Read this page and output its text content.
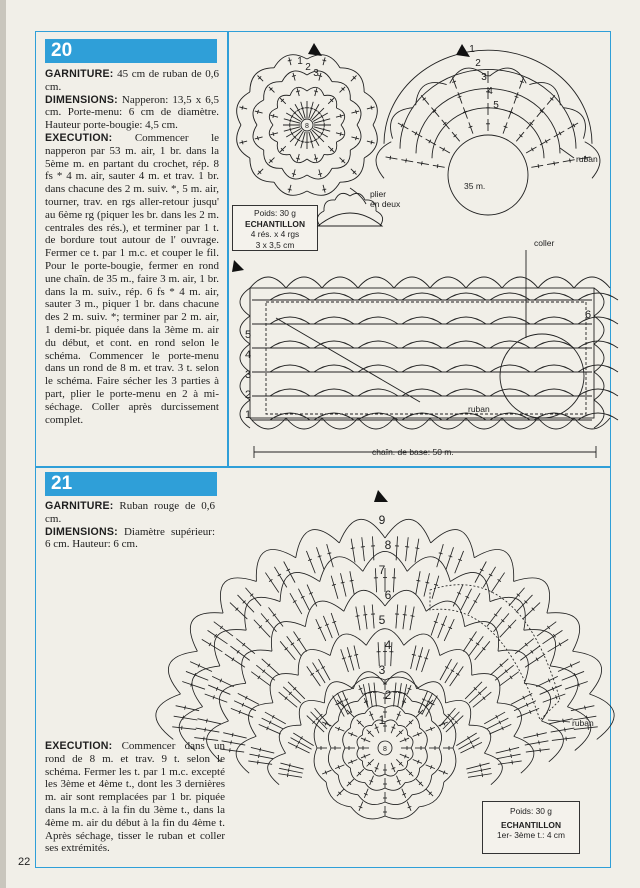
20

GARNITURE: 45 cm de ruban de 0,6 cm.

DIMENSIONS: Napperon: 13,5 x 6,5 cm. Porte-menu: 6 cm de diamètre. Hauteur porte-bougie: 4,5 cm.

EXECUTION: Commencer le napperon par 53 m. air, 1 br. dans la 5ème m. en partant du crochet, rép. 8 fs * 4 m. air, sauter 4 m. et trav. 1 br. dans chacune des 2 m. suiv. *, 5 m. air, tourner, trav. en rgs aller-retour jusqu' au 6ème rg (piquer les br. dans les 2 m. centrales des rés.), et terminer par 1 t. de bordure tout autour de l' ouvrage. Fermer ce t. par 1 m.c. et couper le fil. Pour le porte-bougie, fermer en rond une chaîn. de 35 m., faire 3 m. air, 1 br. dans la m. suiv., rép. 6 fs * 4 m. air, sauter 3 m., piquer 1 br. dans chacune des 2 m. suiv. *; terminer par 2 m. air, 1 demi-br. piquée dans la 3ème m. air du début, et cont. en rond selon le schéma. Commencer le porte-menu dans un rond de 8 m. et trav. 3 t. selon le schéma. Faire sécher les 3 parties à part, plier le porte-menu en 2 à mi-séchage. Coller après durcissement complet.

21

GARNITURE: Ruban rouge de 0,6 cm.

DIMENSIONS: Diamètre supérieur: 6 cm. Hauteur: 6 cm.

EXECUTION: Commencer dans un rond de 8 m. et trav. 9 t. selon le schéma. Fermer les t. par 1 m.c. excepté les 3ème et 4ème t., dont les 3 dernières m. air sont remplacées par 1 br. piquée dans la m.c. à la fin du 3ème t., dans la 4ème m. air du début à la fin du 4ème t. Après séchage, tisser le ruban et coller ses extrémités.

Poids: 30 g
ECHANTILLON
4 rés. x 4 rgs
3 x 3,5 cm
Poids: 30 g
ECHANTILLON
1er- 3ème t.: 4 cm
22
8
1
2
3
1
2
3
4
5
1
2
3
4
5
6
8
1
2
3
4
5
6
7
8
9
plier
en deux
ruban
coller
35 m.
chaîn. de base: 50 m.
ruban
ruban
